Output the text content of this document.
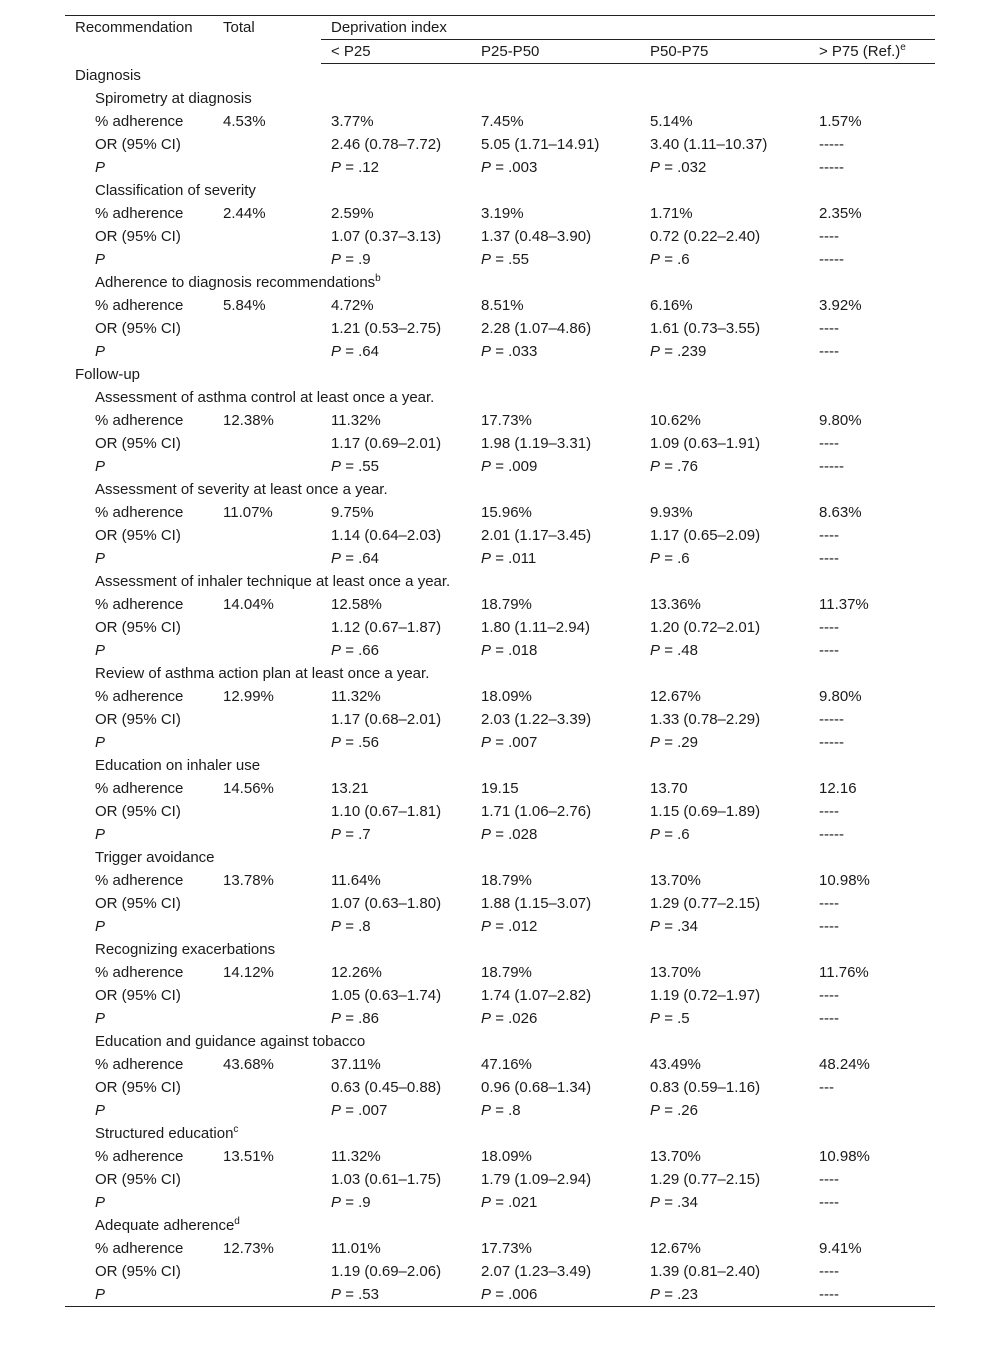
Recommendation	Total	Deprivation index			
		< P25	P25-P50	P50-P75	> P75 $(Ref.)^e$
Diagnosis					
Spirometry at diagnosis					
% adherence	4.53%	3.77%	7.45%	5.14%	1.57%
OR (95% CI)		2.46 (0.78–7.72)	5.05 (1.71–14.91)	3.40 (1.11–10.37)	-----
P		P = .12	P = .003	P = .032	-----
Classification of severity					
% adherence	2.44%	2.59%	3.19%	1.71%	2.35%
OR (95% CI)		1.07 (0.37–3.13)	1.37 (0.48–3.90)	0.72 (0.22–2.40)	----
P		P = .9	P = .55	P = .6	-----
Adherence to diagnosis recommendations$^b$
% adherence	5.84%	4.72%	8.51%	6.16%	3.92%
OR (95% CI)		1.21 (0.53–2.75)	2.28 (1.07–4.86)	1.61 (0.73–3.55)	----
P		P = .64	P = .033	P = .239	----
Follow-up					
Assessment of asthma control at least once a year.					
% adherence	12.38%	11.32%	17.73%	10.62%	9.80%
OR (95% CI)		1.17 (0.69–2.01)	1.98 (1.19–3.31)	1.09 (0.63–1.91)	----
P		P = .55	P = .009	P = .76	-----
Assessment of severity at least once a year.					
% adherence	11.07%	9.75%	15.96%	9.93%	8.63%
OR (95% CI)		1.14 (0.64–2.03)	2.01 (1.17–3.45)	1.17 (0.65–2.09)	----
P		P = .64	P = .011	P = .6	----
Assessment of inhaler technique at least once a year.					
% adherence	14.04%	12.58%	18.79%	13.36%	11.37%
OR (95% CI)		1.12 (0.67–1.87)	1.80 (1.11–2.94)	1.20 (0.72–2.01)	----
P		P = .66	P = .018	P = .48	----
Review of asthma action plan at least once a year.					
% adherence	12.99%	11.32%	18.09%	12.67%	9.80%
OR (95% CI)		1.17 (0.68–2.01)	2.03 (1.22–3.39)	1.33 (0.78–2.29)	-----
P		P = .56	P = .007	P = .29	-----
Education on inhaler use					
% adherence	14.56%	13.21	19.15	13.70	12.16
OR (95% CI)		1.10 (0.67–1.81)	1.71 (1.06–2.76)	1.15 (0.69–1.89)	----
P		P = .7	P = .028	P = .6	-----
Trigger avoidance					
% adherence	13.78%	11.64%	18.79%	13.70%	10.98%
OR (95% CI)		1.07 (0.63–1.80)	1.88 (1.15–3.07)	1.29 (0.77–2.15)	----
P		P = .8	P = .012	P = .34	----
Recognizing exacerbations					
% adherence	14.12%	12.26%	18.79%	13.70%	11.76%
OR (95% CI)		1.05 (0.63–1.74)	1.74 (1.07–2.82)	1.19 (0.72–1.97)	----
P		P = .86	P = .026	P = .5	----
Education and guidance against tobacco					
% adherence	43.68%	37.11%	47.16%	43.49%	48.24%
OR (95% CI)		0.63 (0.45–0.88)	0.96 (0.68–1.34)	0.83 (0.59–1.16)	---
P		P = .007	P = .8	P = .26	
Structured education$^c$
% adherence	13.51%	11.32%	18.09%	13.70%	10.98%
OR (95% CI)		1.03 (0.61–1.75)	1.79 (1.09–2.94)	1.29 (0.77–2.15)	----
P		P = .9	P = .021	P = .34	----
Adequate adherence$^d$
% adherence	12.73%	11.01%	17.73%	12.67%	9.41%
OR (95% CI)		1.19 (0.69–2.06)	2.07 (1.23–3.49)	1.39 (0.81–2.40)	----
P		P = .53	P = .006	P = .23	----
